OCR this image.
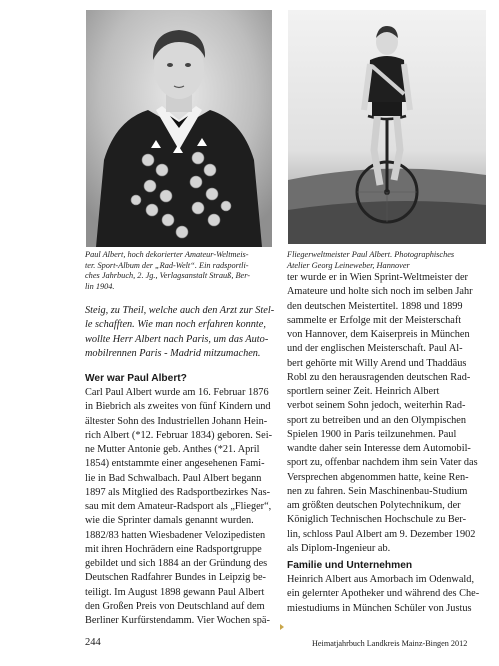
Paul Albert, hoch dekorierter Amateur-Weltmeis-
ter. Sport-Album der „Rad-Welt“. Ein radsportli-
ches Jahrbuch, 2. Jg., Verlagsanstalt Strauß, Ber-
lin 1904.

Fliegerweltmeister Paul Albert. Photographisches
Atelier Georg Leineweber, Hannover

Steig, zu Theil, welche auch den Arzt zur Stel-
le schafften. Wie man noch erfahren konnte,
wollte Herr Albert nach Paris, um das Auto-
mobilrennen Paris - Madrid mitzumachen.

Wer war Paul Albert?

Carl Paul Albert wurde am 16. Februar 1876
in Biebrich als zweites von fünf Kindern und
ältester Sohn des Industriellen Johann Hein-
rich Albert (*12. Februar 1834) geboren. Sei-
ne Mutter Antonie geb. Anthes (*21. April
1854) entstammte einer angesehenen Fami-
lie in Bad Schwalbach. Paul Albert begann
1897 als Mitglied des Radsportbezirkes Nas-
sau mit dem Amateur-Radsport als „Flieger“,
wie die Sprinter damals genannt wurden.
1882/83 hatten Wiesbadener Velozipedisten
mit ihren Hochrädern eine Radsportgruppe
gebildet und sich 1884 an der Gründung des
Deutschen Radfahrer Bundes in Leipzig be-
teiligt. Im August 1898 gewann Paul Albert
den Großen Preis von Deutschland auf dem
Berliner Kurfürstendamm. Vier Wochen spä-

ter wurde er in Wien Sprint-Weltmeister der
Amateure und holte sich noch im selben Jahr
den deutschen Meistertitel. 1898 und 1899
sammelte er Erfolge mit der Meisterschaft
von Hannover, dem Kaiserpreis in München
und der englischen Meisterschaft. Paul Al-
bert gehörte mit Willy Arend und Thaddäus
Robl zu den herausragenden deutschen Rad-
sportlern seiner Zeit. Heinrich Albert
verbot seinem Sohn jedoch, weiterhin Rad-
sport zu betreiben und an den Olympischen
Spielen 1900 in Paris teilzunehmen. Paul
wandte daher sein Interesse dem Automobil-
sport zu, offenbar nachdem ihm sein Vater das
Versprechen abgenommen hatte, keine Ren-
nen zu fahren. Sein Maschinenbau-Studium
am größten deutschen Polytechnikum, der
Königlich Technischen Hochschule zu Ber-
lin, schloss Paul Albert am 9. Dezember 1902
als Diplom-Ingenieur ab.

Familie und Unternehmen

Heinrich Albert aus Amorbach im Odenwald,
ein gelernter Apotheker und während des Che-
miestudiums in München Schüler von Justus

244	Heimatjahrbuch Landkreis Mainz-Bingen 2012
